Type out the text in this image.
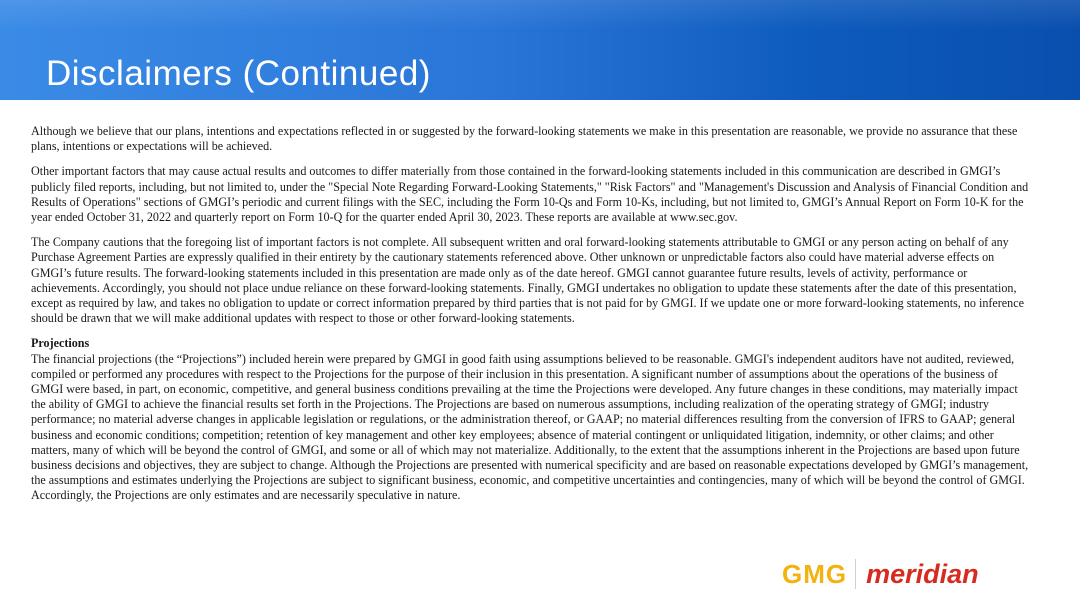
Disclaimers (Continued)

Although we believe that our plans, intentions and expectations reflected in or suggested by the forward-looking statements we make in this presentation are reasonable, we provide no assurance that these plans, intentions or expectations will be achieved.

Other important factors that may cause actual results and outcomes to differ materially from those contained in the forward-looking statements included in this communication are described in GMGI’s publicly filed reports, including, but not limited to, under the "Special Note Regarding Forward-Looking Statements," "Risk Factors" and "Management's Discussion and Analysis of Financial Condition and Results of Operations" sections of GMGI’s periodic and current filings with the SEC, including the Form 10-Qs and Form 10-Ks, including, but not limited to, GMGI’s Annual Report on Form 10-K for the year ended October 31, 2022 and quarterly report on Form 10-Q for the quarter ended April 30, 2023. These reports are available at www.sec.gov.

The Company cautions that the foregoing list of important factors is not complete. All subsequent written and oral forward-looking statements attributable to GMGI or any person acting on behalf of any Purchase Agreement Parties are expressly qualified in their entirety by the cautionary statements referenced above. Other unknown or unpredictable factors also could have material adverse effects on GMGI’s future results. The forward-looking statements included in this presentation are made only as of the date hereof. GMGI cannot guarantee future results, levels of activity, performance or achievements. Accordingly, you should not place undue reliance on these forward-looking statements. Finally, GMGI undertakes no obligation to update these statements after the date of this presentation, except as required by law, and takes no obligation to update or correct information prepared by third parties that is not paid for by GMGI. If we update one or more forward-looking statements, no inference should be drawn that we will make additional updates with respect to those or other forward-looking statements.

Projections

The financial projections (the “Projections”) included herein were prepared by GMGI in good faith using assumptions believed to be reasonable. GMGI's independent auditors have not audited, reviewed, compiled or performed any procedures with respect to the Projections for the purpose of their inclusion in this presentation. A significant number of assumptions about the operations of the business of GMGI were based, in part, on economic, competitive, and general business conditions prevailing at the time the Projections were developed. Any future changes in these conditions, may materially impact the ability of GMGI to achieve the financial results set forth in the Projections. The Projections are based on numerous assumptions, including realization of the operating strategy of GMGI; industry performance; no material adverse changes in applicable legislation or regulations, or the administration thereof, or GAAP; no material differences resulting from the conversion of IFRS to GAAP; general business and economic conditions; competition; retention of key management and other key employees; absence of material contingent or unliquidated litigation, indemnity, or other claims; and other matters, many of which will be beyond the control of GMGI, and some or all of which may not materialize. Additionally, to the extent that the assumptions inherent in the Projections are based upon future business decisions and objectives, they are subject to change. Although the Projections are presented with numerical specificity and are based on reasonable expectations developed by GMGI’s management, the assumptions and estimates underlying the Projections are subject to significant business, economic, and competitive uncertainties and contingencies, many of which will be beyond the control of GMGI. Accordingly, the Projections are only estimates and are necessarily speculative in nature.

GMG meridian
